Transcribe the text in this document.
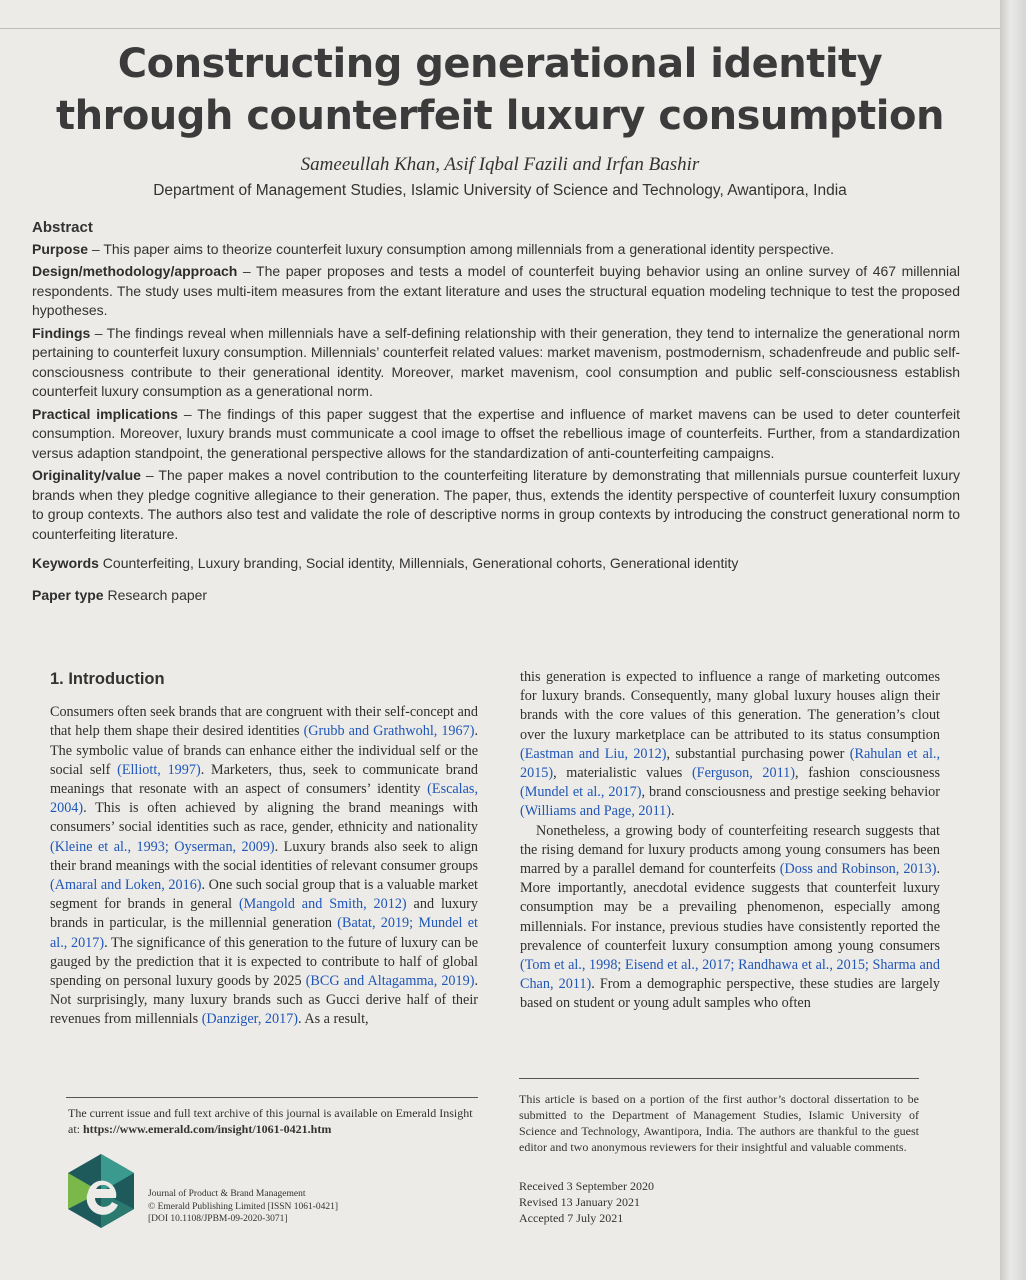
Constructing generational identity through counterfeit luxury consumption
Sameeullah Khan, Asif Iqbal Fazili and Irfan Bashir
Department of Management Studies, Islamic University of Science and Technology, Awantipora, India
Abstract

Purpose – This paper aims to theorize counterfeit luxury consumption among millennials from a generational identity perspective.

Design/methodology/approach – The paper proposes and tests a model of counterfeit buying behavior using an online survey of 467 millennial respondents. The study uses multi-item measures from the extant literature and uses the structural equation modeling technique to test the proposed hypotheses.

Findings – The findings reveal when millennials have a self-defining relationship with their generation, they tend to internalize the generational norm pertaining to counterfeit luxury consumption. Millennials’ counterfeit related values: market mavenism, postmodernism, schadenfreude and public self-consciousness contribute to their generational identity. Moreover, market mavenism, cool consumption and public self-consciousness establish counterfeit luxury consumption as a generational norm.

Practical implications – The findings of this paper suggest that the expertise and influence of market mavens can be used to deter counterfeit consumption. Moreover, luxury brands must communicate a cool image to offset the rebellious image of counterfeits. Further, from a standardization versus adaption standpoint, the generational perspective allows for the standardization of anti-counterfeiting campaigns.

Originality/value – The paper makes a novel contribution to the counterfeiting literature by demonstrating that millennials pursue counterfeit luxury brands when they pledge cognitive allegiance to their generation. The paper, thus, extends the identity perspective of counterfeit luxury consumption to group contexts. The authors also test and validate the role of descriptive norms in group contexts by introducing the construct generational norm to counterfeiting literature.

Keywords Counterfeiting, Luxury branding, Social identity, Millennials, Generational cohorts, Generational identity

Paper type Research paper

1. Introduction

Consumers often seek brands that are congruent with their self-concept and that help them shape their desired identities (Grubb and Grathwohl, 1967). The symbolic value of brands can enhance either the individual self or the social self (Elliott, 1997). Marketers, thus, seek to communicate brand meanings that resonate with an aspect of consumers’ identity (Escalas, 2004). This is often achieved by aligning the brand meanings with consumers’ social identities such as race, gender, ethnicity and nationality (Kleine et al., 1993; Oyserman, 2009). Luxury brands also seek to align their brand meanings with the social identities of relevant consumer groups (Amaral and Loken, 2016). One such social group that is a valuable market segment for brands in general (Mangold and Smith, 2012) and luxury brands in particular, is the millennial generation (Batat, 2019; Mundel et al., 2017). The significance of this generation to the future of luxury can be gauged by the prediction that it is expected to contribute to half of global spending on personal luxury goods by 2025 (BCG and Altagamma, 2019). Not surprisingly, many luxury brands such as Gucci derive half of their revenues from millennials (Danziger, 2017). As a result,

this generation is expected to influence a range of marketing outcomes for luxury brands. Consequently, many global luxury houses align their brands with the core values of this generation. The generation’s clout over the luxury marketplace can be attributed to its status consumption (Eastman and Liu, 2012), substantial purchasing power (Rahulan et al., 2015), materialistic values (Ferguson, 2011), fashion consciousness (Mundel et al., 2017), brand consciousness and prestige seeking behavior (Williams and Page, 2011).

Nonetheless, a growing body of counterfeiting research suggests that the rising demand for luxury products among young consumers has been marred by a parallel demand for counterfeits (Doss and Robinson, 2013). More importantly, anecdotal evidence suggests that counterfeit luxury consumption may be a prevailing phenomenon, especially among millennials. For instance, previous studies have consistently reported the prevalence of counterfeit luxury consumption among young consumers (Tom et al., 1998; Eisend et al., 2017; Randhawa et al., 2015; Sharma and Chan, 2011). From a demographic perspective, these studies are largely based on student or young adult samples who often

The current issue and full text archive of this journal is available on Emerald Insight at: https://www.emerald.com/insight/1061-0421.htm
Journal of Product & Brand Management
© Emerald Publishing Limited [ISSN 1061-0421]
[DOI 10.1108/JPBM-09-2020-3071]
This article is based on a portion of the first author’s doctoral dissertation to be submitted to the Department of Management Studies, Islamic University of Science and Technology, Awantipora, India. The authors are thankful to the guest editor and two anonymous reviewers for their insightful and valuable comments.
Received 3 September 2020
Revised 13 January 2021
Accepted 7 July 2021
